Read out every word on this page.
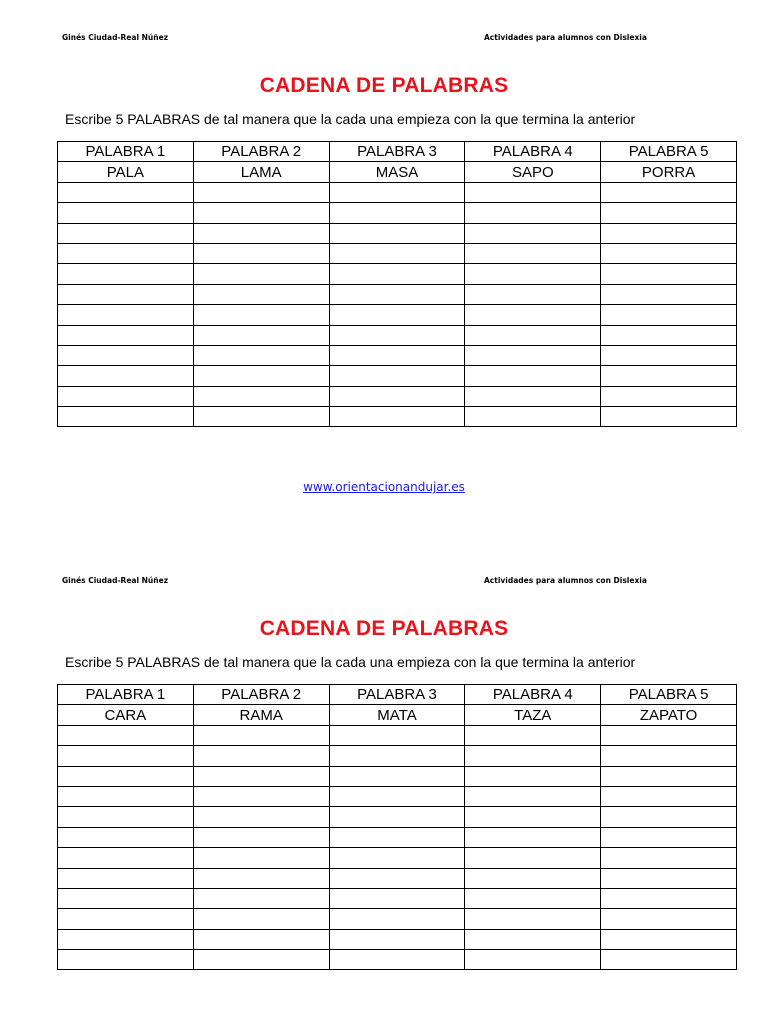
Ginés Ciudad-Real Núñez	Actividades para alumnos con Dislexia
CADENA DE PALABRAS
Escribe 5 PALABRAS de tal manera que la cada una empieza con la que termina la anterior
PALABRA 1	PALABRA 2	PALABRA 3	PALABRA 4	PALABRA 5
PALA	LAMA	MASA	SAPO	PORRA

www.orientacionandujar.es
Ginés Ciudad-Real Núñez	Actividades para alumnos con Dislexia
CADENA DE PALABRAS
Escribe 5 PALABRAS de tal manera que la cada una empieza con la que termina la anterior
PALABRA 1	PALABRA 2	PALABRA 3	PALABRA 4	PALABRA 5
CARA	RAMA	MATA	TAZA	ZAPATO
